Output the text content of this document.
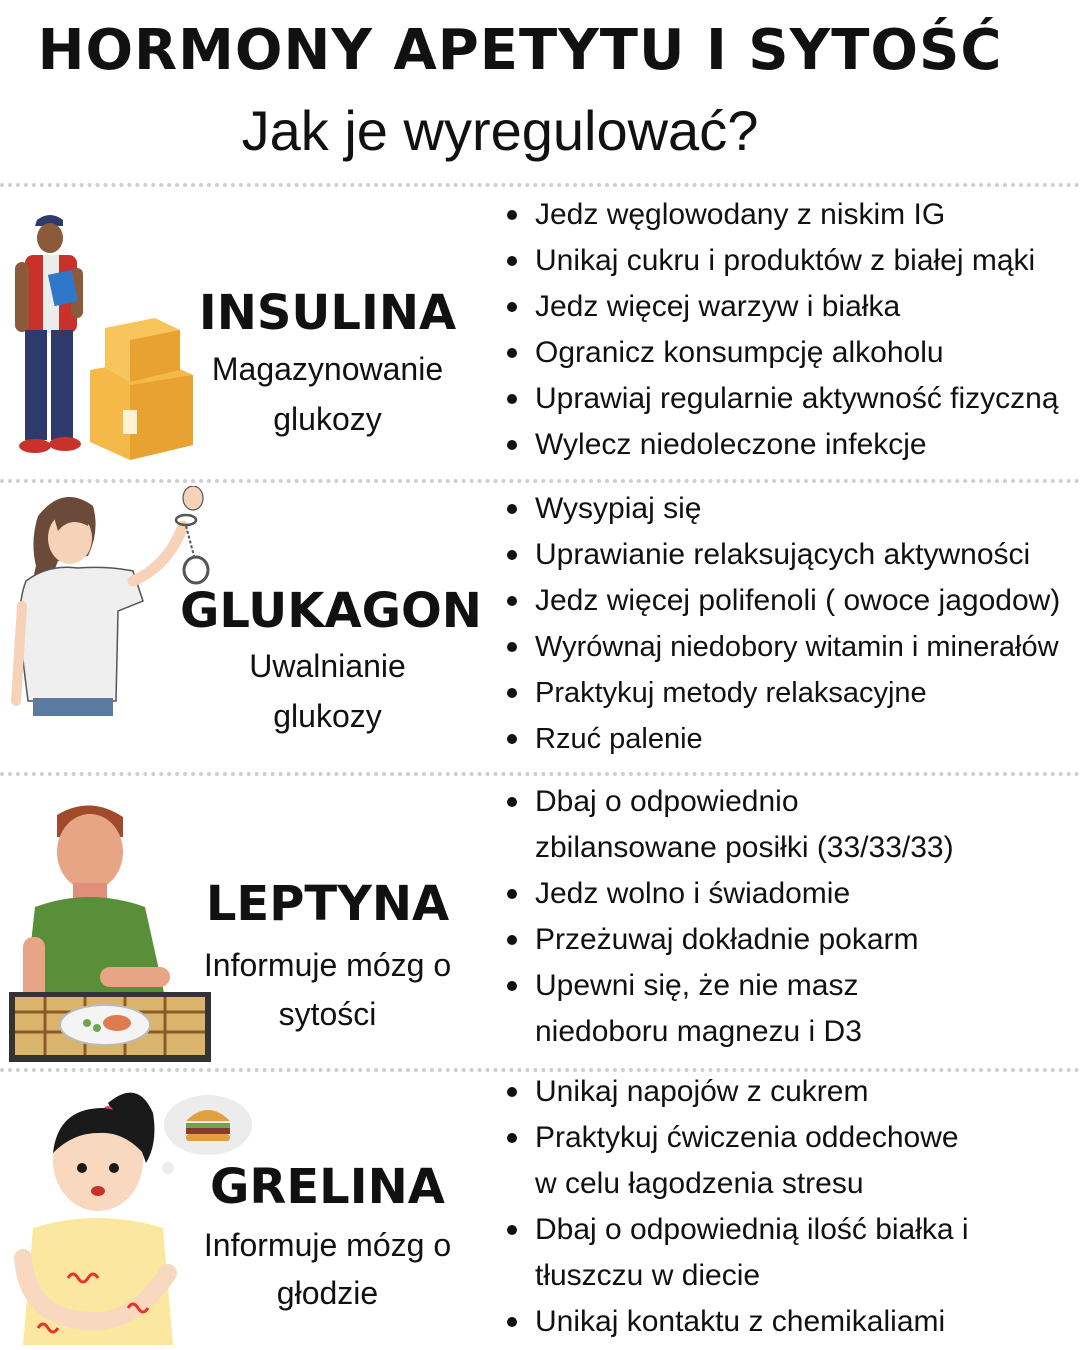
HORMONY APETYTU I SYTOŚĆ
Jak je wyregulować?
INSULINA
Magazynowanie
glukozy
Jedz węglowodany z niskim IG
Unikaj cukru i produktów z białej mąki
Jedz więcej warzyw i białka
Ogranicz konsumpcję alkoholu
Uprawiaj regularnie aktywność fizyczną
Wylecz niedoleczone infekcje
GLUKAGON
Uwalnianie
glukozy
Wysypiaj się
Uprawianie relaksujących aktywności
Jedz więcej polifenoli ( owoce jagodow)
Wyrównaj niedobory witamin i minerałów
Praktykuj metody relaksacyjne
Rzuć palenie
LEPTYNA
Informuje mózg o
sytości
Dbaj o odpowiednio
zbilansowane posiłki (33/33/33)
Jedz wolno i świadomie
Przeżuwaj dokładnie pokarm
Upewni się, że nie masz
niedoboru magnezu i D3
GRELINA
Informuje mózg o
głodzie
Unikaj napojów z cukrem
Praktykuj ćwiczenia oddechowe
w celu łagodzenia stresu
Dbaj o odpowiednią ilość białka i
tłuszczu w diecie
Unikaj kontaktu z chemikaliami
